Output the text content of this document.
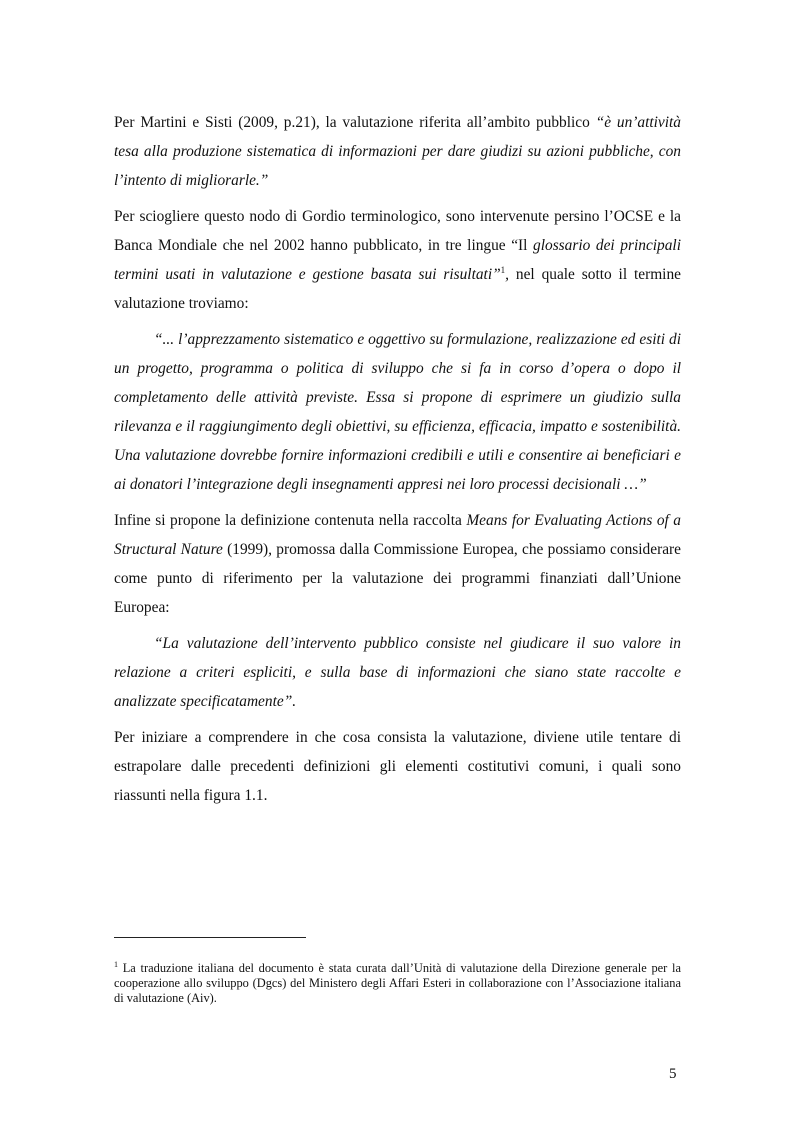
Per Martini e Sisti (2009, p.21), la valutazione riferita all’ambito pubblico “è un’attività tesa alla produzione sistematica di informazioni per dare giudizi su azioni pubbliche, con l’intento di migliorarle.”

Per sciogliere questo nodo di Gordio terminologico, sono intervenute persino l’OCSE e la Banca Mondiale che nel 2002 hanno pubblicato, in tre lingue “Il glossario dei principali termini usati in valutazione e gestione basata sui risultati”$^1$, nel quale sotto il termine valutazione troviamo:

“... l’apprezzamento sistematico e oggettivo su formulazione, realizzazione ed esiti di un progetto, programma o politica di sviluppo che si fa in corso d’opera o dopo il completamento delle attività previste. Essa si propone di esprimere un giudizio sulla rilevanza e il raggiungimento degli obiettivi, su efficienza, efficacia, impatto e sostenibilità. Una valutazione dovrebbe fornire informazioni credibili e utili e consentire ai beneficiari e ai donatori l’integrazione degli insegnamenti appresi nei loro processi decisionali …”

Infine si propone la definizione contenuta nella raccolta Means for Evaluating Actions of a Structural Nature (1999), promossa dalla Commissione Europea, che possiamo considerare come punto di riferimento per la valutazione dei programmi finanziati dall’Unione Europea:

“La valutazione dell’intervento pubblico consiste nel giudicare il suo valore in relazione a criteri espliciti, e sulla base di informazioni che siano state raccolte e analizzate specificatamente”.

Per iniziare a comprendere in che cosa consista la valutazione, diviene utile tentare di estrapolare dalle precedenti definizioni gli elementi costitutivi comuni, i quali sono riassunti nella figura 1.1.

$^1$ La traduzione italiana del documento è stata curata dall’Unità di valutazione della Direzione generale per la cooperazione allo sviluppo (Dgcs) del Ministero degli Affari Esteri in collaborazione con l’Associazione italiana di valutazione (Aiv).
5
